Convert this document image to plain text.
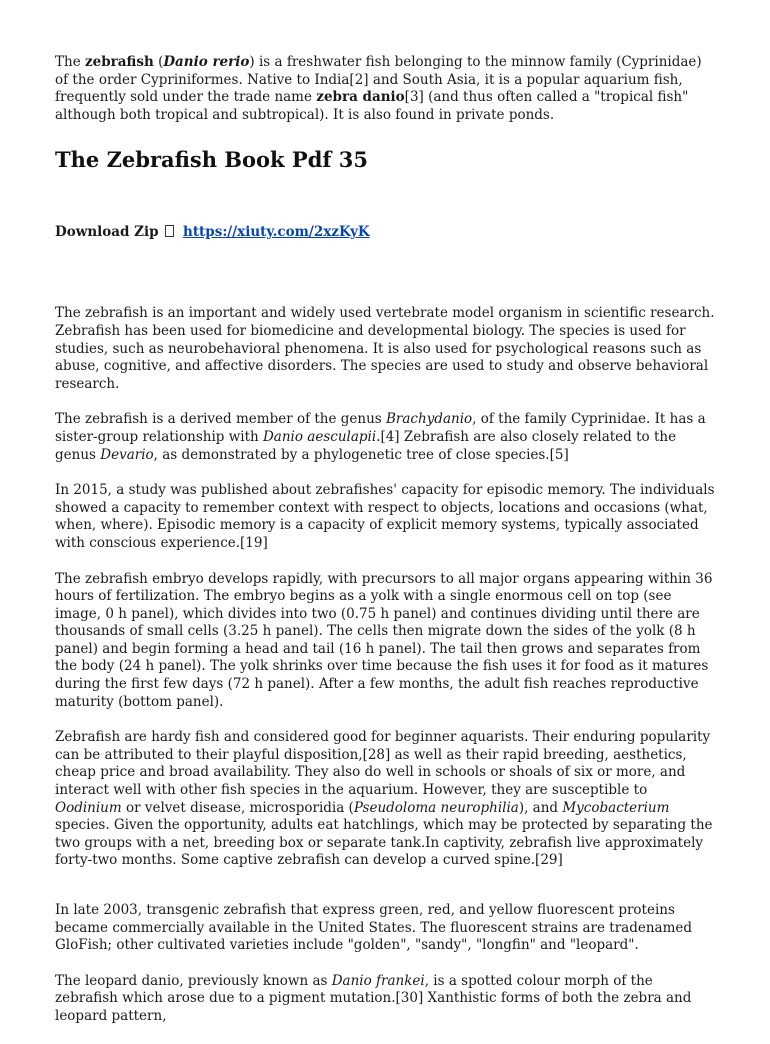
The zebrafish (Danio rerio) is a freshwater fish belonging to the minnow family (Cyprinidae) of the order Cypriniformes. Native to India[2] and South Asia, it is a popular aquarium fish, frequently sold under the trade name zebra danio[3] (and thus often called a "tropical fish" although both tropical and subtropical). It is also found in private ponds.

The Zebrafish Book Pdf 35
Download Zip https://xiuty.com/2xzKyK

The zebrafish is an important and widely used vertebrate model organism in scientific research. Zebrafish has been used for biomedicine and developmental biology. The species is used for studies, such as neurobehavioral phenomena. It is also used for psychological reasons such as abuse, cognitive, and affective disorders. The species are used to study and observe behavioral research.

The zebrafish is a derived member of the genus Brachydanio, of the family Cyprinidae. It has a sister-group relationship with Danio aesculapii.[4] Zebrafish are also closely related to the genus Devario, as demonstrated by a phylogenetic tree of close species.[5]

In 2015, a study was published about zebrafishes' capacity for episodic memory. The individuals showed a capacity to remember context with respect to objects, locations and occasions (what, when, where). Episodic memory is a capacity of explicit memory systems, typically associated with conscious experience.[19]

The zebrafish embryo develops rapidly, with precursors to all major organs appearing within 36 hours of fertilization. The embryo begins as a yolk with a single enormous cell on top (see image, 0 h panel), which divides into two (0.75 h panel) and continues dividing until there are thousands of small cells (3.25 h panel). The cells then migrate down the sides of the yolk (8 h panel) and begin forming a head and tail (16 h panel). The tail then grows and separates from the body (24 h panel). The yolk shrinks over time because the fish uses it for food as it matures during the first few days (72 h panel). After a few months, the adult fish reaches reproductive maturity (bottom panel).

Zebrafish are hardy fish and considered good for beginner aquarists. Their enduring popularity can be attributed to their playful disposition,[28] as well as their rapid breeding, aesthetics, cheap price and broad availability. They also do well in schools or shoals of six or more, and interact well with other fish species in the aquarium. However, they are susceptible to Oodinium or velvet disease, microsporidia (Pseudoloma neurophilia), and Mycobacterium species. Given the opportunity, adults eat hatchlings, which may be protected by separating the two groups with a net, breeding box or separate tank.In captivity, zebrafish live approximately forty-two months. Some captive zebrafish can develop a curved spine.[29]

In late 2003, transgenic zebrafish that express green, red, and yellow fluorescent proteins became commercially available in the United States. The fluorescent strains are tradenamed GloFish; other cultivated varieties include "golden", "sandy", "longfin" and "leopard".

The leopard danio, previously known as Danio frankei, is a spotted colour morph of the zebrafish which arose due to a pigment mutation.[30] Xanthistic forms of both the zebra and leopard pattern,
